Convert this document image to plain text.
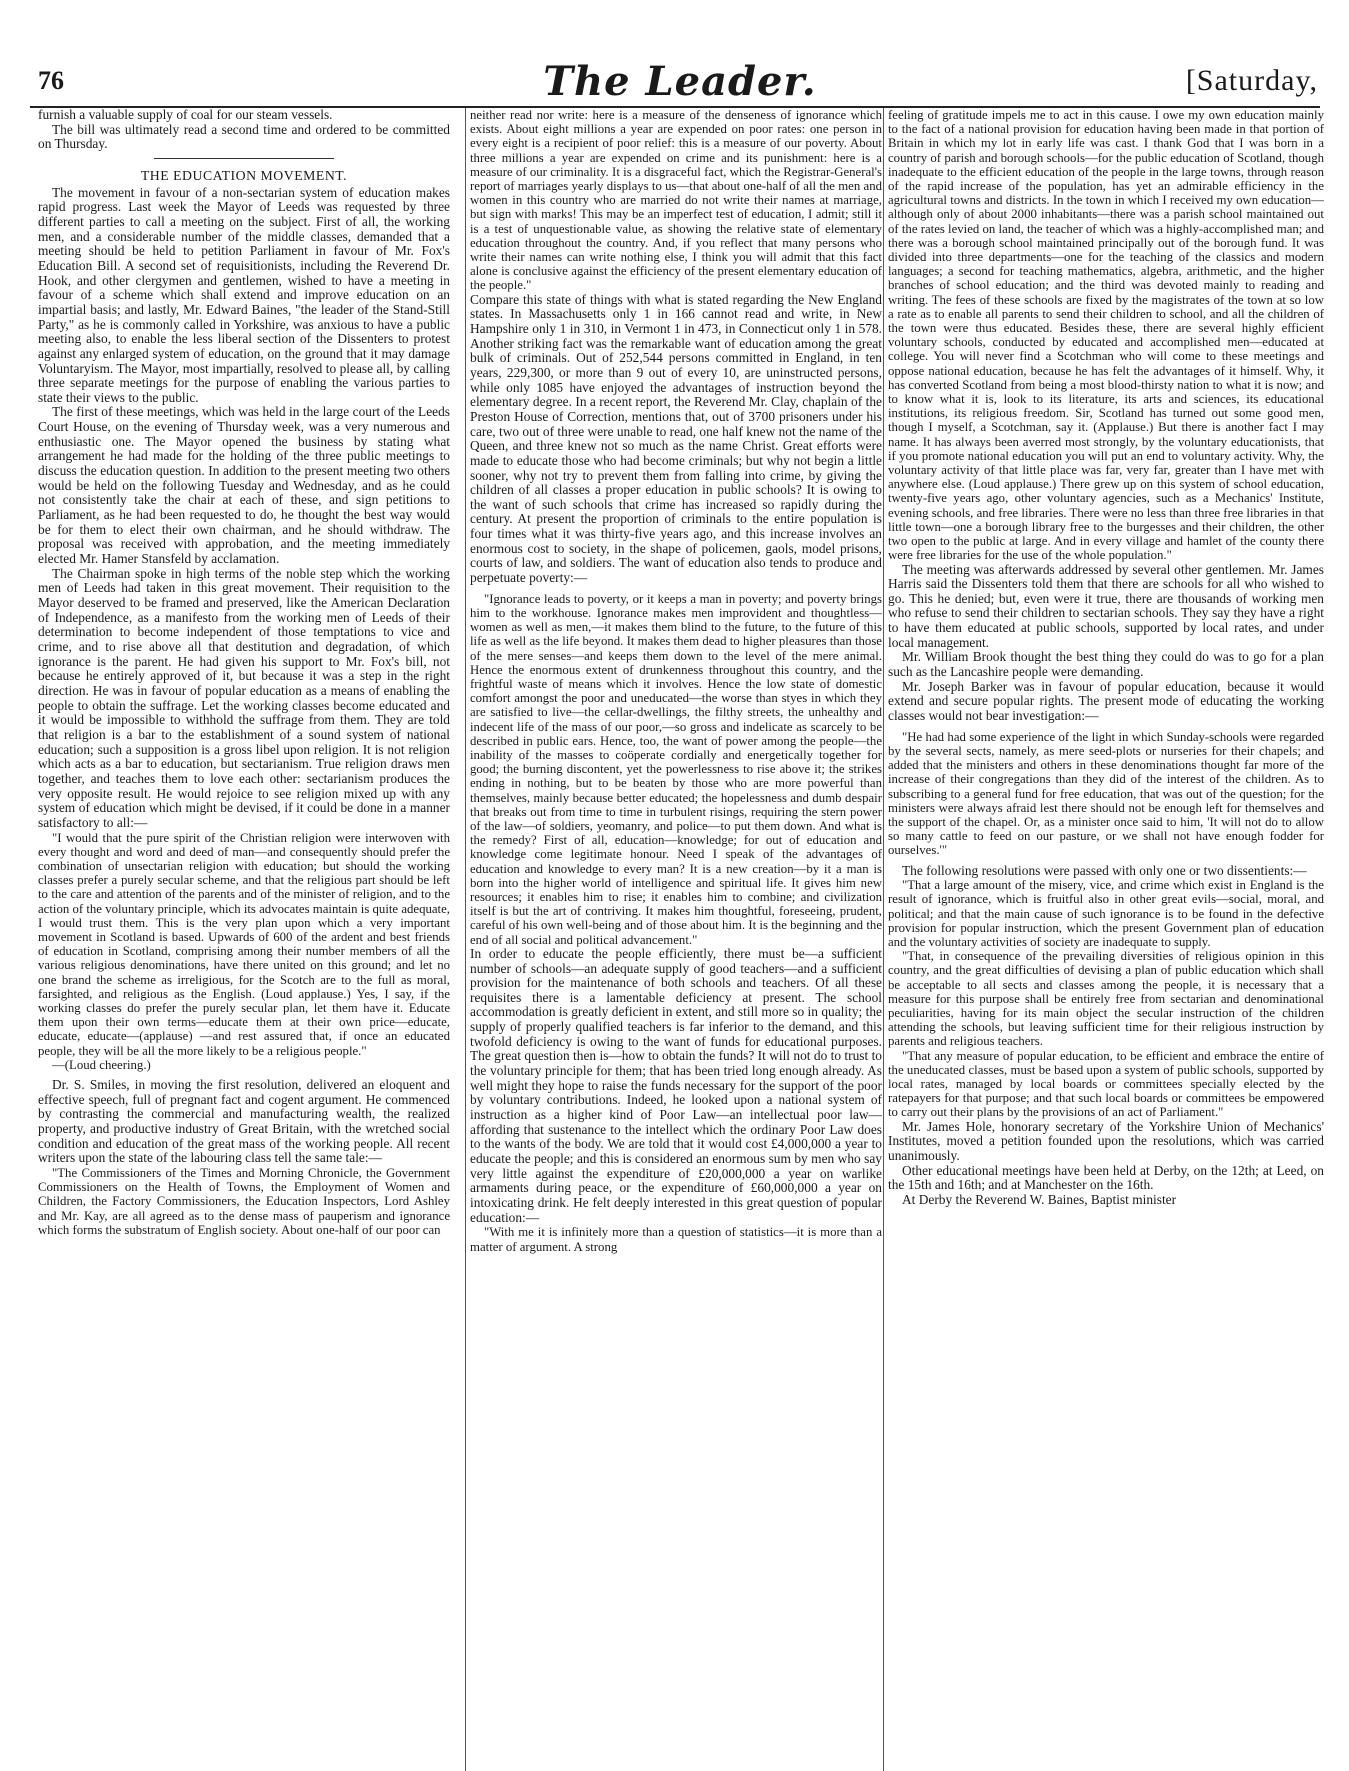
76	The Leader.	[Saturday,

furnish a valuable supply of coal for our steam vessels.

The bill was ultimately read a second time and ordered to be committed on Thursday.

THE EDUCATION MOVEMENT.

The movement in favour of a non-sectarian system of education makes rapid progress. Last week the Mayor of Leeds was requested by three different parties to call a meeting on the subject. First of all, the working men, and a considerable number of the middle classes, demanded that a meeting should be held to petition Parliament in favour of Mr. Fox's Education Bill. A second set of requisitionists, including the Reverend Dr. Hook, and other clergymen and gentlemen, wished to have a meeting in favour of a scheme which shall extend and improve education on an impartial basis; and lastly, Mr. Edward Baines, "the leader of the Stand-Still Party," as he is commonly called in Yorkshire, was anxious to have a public meeting also, to enable the less liberal section of the Dissenters to protest against any enlarged system of education, on the ground that it may damage Voluntaryism. The Mayor, most impartially, resolved to please all, by calling three separate meetings for the purpose of enabling the various parties to state their views to the public.

The first of these meetings, which was held in the large court of the Leeds Court House, on the evening of Thursday week, was a very numerous and enthusiastic one. The Mayor opened the business by stating what arrangement he had made for the holding of the three public meetings to discuss the education question. In addition to the present meeting two others would be held on the following Tuesday and Wednesday, and as he could not consistently take the chair at each of these, and sign petitions to Parliament, as he had been requested to do, he thought the best way would be for them to elect their own chairman, and he should withdraw. The proposal was received with approbation, and the meeting immediately elected Mr. Hamer Stansfeld by acclamation.

The Chairman spoke in high terms of the noble step which the working men of Leeds had taken in this great movement. Their requisition to the Mayor deserved to be framed and preserved, like the American Declaration of Independence, as a manifesto from the working men of Leeds of their determination to become independent of those temptations to vice and crime, and to rise above all that destitution and degradation, of which ignorance is the parent. He had given his support to Mr. Fox's bill, not because he entirely approved of it, but because it was a step in the right direction. He was in favour of popular education as a means of enabling the people to obtain the suffrage. Let the working classes become educated and it would be impossible to withhold the suffrage from them. They are told that religion is a bar to the establishment of a sound system of national education; such a supposition is a gross libel upon religion. It is not religion which acts as a bar to education, but sectarianism. True religion draws men together, and teaches them to love each other: sectarianism produces the very opposite result. He would rejoice to see religion mixed up with any system of education which might be devised, if it could be done in a manner satisfactory to all:—

"I would that the pure spirit of the Christian religion were interwoven with every thought and word and deed of man—and consequently should prefer the combination of unsectarian religion with education; but should the working classes prefer a purely secular scheme, and that the religious part should be left to the care and attention of the parents and of the minister of religion, and to the action of the voluntary principle, which its advocates maintain is quite adequate, I would trust them. This is the very plan upon which a very important movement in Scotland is based. Upwards of 600 of the ardent and best friends of education in Scotland, comprising among their number members of all the various religious denominations, have there united on this ground; and let no one brand the scheme as irreligious, for the Scotch are to the full as moral, farsighted, and religious as the English. (Loud applause.) Yes, I say, if the working classes do prefer the purely secular plan, let them have it. Educate them upon their own terms—educate them at their own price—educate, educate, educate—(applause) —and rest assured that, if once an educated people, they will be all the more likely to be a religious people."

—(Loud cheering.)

Dr. S. Smiles, in moving the first resolution, delivered an eloquent and effective speech, full of pregnant fact and cogent argument. He commenced by contrasting the commercial and manufacturing wealth, the realized property, and productive industry of Great Britain, with the wretched social condition and education of the great mass of the working people. All recent writers upon the state of the labouring class tell the same tale:—

"The Commissioners of the Times and Morning Chronicle, the Government Commissioners on the Health of Towns, the Employment of Women and Children, the Factory Commissioners, the Education Inspectors, Lord Ashley and Mr. Kay, are all agreed as to the dense mass of pauperism and ignorance which forms the substratum of English society. About one-half of our poor can

neither read nor write: here is a measure of the denseness of ignorance which exists. About eight millions a year are expended on poor rates: one person in every eight is a recipient of poor relief: this is a measure of our poverty. About three millions a year are expended on crime and its punishment: here is a measure of our criminality. It is a disgraceful fact, which the Registrar-General's report of marriages yearly displays to us—that about one-half of all the men and women in this country who are married do not write their names at marriage, but sign with marks! This may be an imperfect test of education, I admit; still it is a test of unquestionable value, as showing the relative state of elementary education throughout the country. And, if you reflect that many persons who write their names can write nothing else, I think you will admit that this fact alone is conclusive against the efficiency of the present elementary education of the people."

Compare this state of things with what is stated regarding the New England states. In Massachusetts only 1 in 166 cannot read and write, in New Hampshire only 1 in 310, in Vermont 1 in 473, in Connecticut only 1 in 578. Another striking fact was the remarkable want of education among the great bulk of criminals. Out of 252,544 persons committed in England, in ten years, 229,300, or more than 9 out of every 10, are uninstructed persons, while only 1085 have enjoyed the advantages of instruction beyond the elementary degree. In a recent report, the Reverend Mr. Clay, chaplain of the Preston House of Correction, mentions that, out of 3700 prisoners under his care, two out of three were unable to read, one half knew not the name of the Queen, and three knew not so much as the name Christ. Great efforts were made to educate those who had become criminals; but why not begin a little sooner, why not try to prevent them from falling into crime, by giving the children of all classes a proper education in public schools? It is owing to the want of such schools that crime has increased so rapidly during the century. At present the proportion of criminals to the entire population is four times what it was thirty-five years ago, and this increase involves an enormous cost to society, in the shape of policemen, gaols, model prisons, courts of law, and soldiers. The want of education also tends to produce and perpetuate poverty:—

"Ignorance leads to poverty, or it keeps a man in poverty; and poverty brings him to the workhouse. Ignorance makes men improvident and thoughtless—women as well as men,—it makes them blind to the future, to the future of this life as well as the life beyond. It makes them dead to higher pleasures than those of the mere senses—and keeps them down to the level of the mere animal. Hence the enormous extent of drunkenness throughout this country, and the frightful waste of means which it involves. Hence the low state of domestic comfort amongst the poor and uneducated—the worse than styes in which they are satisfied to live—the cellar-dwellings, the filthy streets, the unhealthy and indecent life of the mass of our poor,—so gross and indelicate as scarcely to be described in public ears. Hence, too, the want of power among the people—the inability of the masses to coöperate cordially and energetically together for good; the burning discontent, yet the powerlessness to rise above it; the strikes ending in nothing, but to be beaten by those who are more powerful than themselves, mainly because better educated; the hopelessness and dumb despair that breaks out from time to time in turbulent risings, requiring the stern power of the law—of soldiers, yeomanry, and police—to put them down. And what is the remedy? First of all, education—knowledge; for out of education and knowledge come legitimate honour. Need I speak of the advantages of education and knowledge to every man? It is a new creation—by it a man is born into the higher world of intelligence and spiritual life. It gives him new resources; it enables him to rise; it enables him to combine; and civilization itself is but the art of contriving. It makes him thoughtful, foreseeing, prudent, careful of his own well-being and of those about him. It is the beginning and the end of all social and political advancement."

In order to educate the people efficiently, there must be—a sufficient number of schools—an adequate supply of good teachers—and a sufficient provision for the maintenance of both schools and teachers. Of all these requisites there is a lamentable deficiency at present. The school accommodation is greatly deficient in extent, and still more so in quality; the supply of properly qualified teachers is far inferior to the demand, and this twofold deficiency is owing to the want of funds for educational purposes. The great question then is—how to obtain the funds? It will not do to trust to the voluntary principle for them; that has been tried long enough already. As well might they hope to raise the funds necessary for the support of the poor by voluntary contributions. Indeed, he looked upon a national system of instruction as a higher kind of Poor Law—an intellectual poor law—affording that sustenance to the intellect which the ordinary Poor Law does to the wants of the body. We are told that it would cost £4,000,000 a year to educate the people; and this is considered an enormous sum by men who say very little against the expenditure of £20,000,000 a year on warlike armaments during peace, or the expenditure of £60,000,000 a year on intoxicating drink. He felt deeply interested in this great question of popular education:—

"With me it is infinitely more than a question of statistics—it is more than a matter of argument. A strong

feeling of gratitude impels me to act in this cause. I owe my own education mainly to the fact of a national provision for education having been made in that portion of Britain in which my lot in early life was cast. I thank God that I was born in a country of parish and borough schools—for the public education of Scotland, though inadequate to the efficient education of the people in the large towns, through reason of the rapid increase of the population, has yet an admirable efficiency in the agricultural towns and districts. In the town in which I received my own education—although only of about 2000 inhabitants—there was a parish school maintained out of the rates levied on land, the teacher of which was a highly-accomplished man; and there was a borough school maintained principally out of the borough fund. It was divided into three departments—one for the teaching of the classics and modern languages; a second for teaching mathematics, algebra, arithmetic, and the higher branches of school education; and the third was devoted mainly to reading and writing. The fees of these schools are fixed by the magistrates of the town at so low a rate as to enable all parents to send their children to school, and all the children of the town were thus educated. Besides these, there are several highly efficient voluntary schools, conducted by educated and accomplished men—educated at college. You will never find a Scotchman who will come to these meetings and oppose national education, because he has felt the advantages of it himself. Why, it has converted Scotland from being a most blood-thirsty nation to what it is now; and to know what it is, look to its literature, its arts and sciences, its educational institutions, its religious freedom. Sir, Scotland has turned out some good men, though I myself, a Scotchman, say it. (Applause.) But there is another fact I may name. It has always been averred most strongly, by the voluntary educationists, that if you promote national education you will put an end to voluntary activity. Why, the voluntary activity of that little place was far, very far, greater than I have met with anywhere else. (Loud applause.) There grew up on this system of school education, twenty-five years ago, other voluntary agencies, such as a Mechanics' Institute, evening schools, and free libraries. There were no less than three free libraries in that little town—one a borough library free to the burgesses and their children, the other two open to the public at large. And in every village and hamlet of the county there were free libraries for the use of the whole population."

The meeting was afterwards addressed by several other gentlemen. Mr. James Harris said the Dissenters told them that there are schools for all who wished to go. This he denied; but, even were it true, there are thousands of working men who refuse to send their children to sectarian schools. They say they have a right to have them educated at public schools, supported by local rates, and under local management.

Mr. William Brook thought the best thing they could do was to go for a plan such as the Lancashire people were demanding.

Mr. Joseph Barker was in favour of popular education, because it would extend and secure popular rights. The present mode of educating the working classes would not bear investigation:—

"He had had some experience of the light in which Sunday-schools were regarded by the several sects, namely, as mere seed-plots or nurseries for their chapels; and added that the ministers and others in these denominations thought far more of the increase of their congregations than they did of the interest of the children. As to subscribing to a general fund for free education, that was out of the question; for the ministers were always afraid lest there should not be enough left for themselves and the support of the chapel. Or, as a minister once said to him, 'It will not do to allow so many cattle to feed on our pasture, or we shall not have enough fodder for ourselves.'"

The following resolutions were passed with only one or two dissentients:—

"That a large amount of the misery, vice, and crime which exist in England is the result of ignorance, which is fruitful also in other great evils—social, moral, and political; and that the main cause of such ignorance is to be found in the defective provision for popular instruction, which the present Government plan of education and the voluntary activities of society are inadequate to supply.

"That, in consequence of the prevailing diversities of religious opinion in this country, and the great difficulties of devising a plan of public education which shall be acceptable to all sects and classes among the people, it is necessary that a measure for this purpose shall be entirely free from sectarian and denominational peculiarities, having for its main object the secular instruction of the children attending the schools, but leaving sufficient time for their religious instruction by parents and religious teachers.

"That any measure of popular education, to be efficient and embrace the entire of the uneducated classes, must be based upon a system of public schools, supported by local rates, managed by local boards or committees specially elected by the ratepayers for that purpose; and that such local boards or committees be empowered to carry out their plans by the provisions of an act of Parliament."

Mr. James Hole, honorary secretary of the Yorkshire Union of Mechanics' Institutes, moved a petition founded upon the resolutions, which was carried unanimously.

Other educational meetings have been held at Derby, on the 12th; at Leed, on the 15th and 16th; and at Manchester on the 16th.

At Derby the Reverend W. Baines, Baptist minister
